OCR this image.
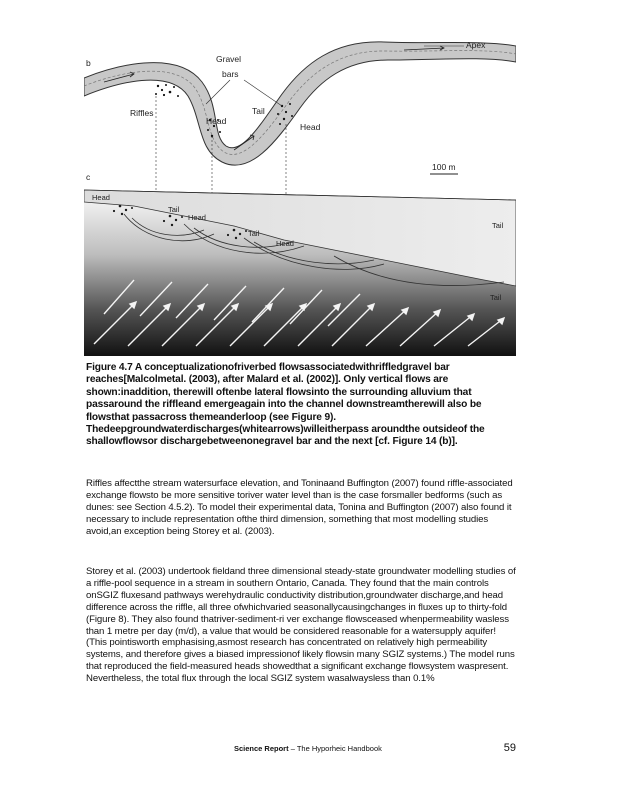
b	Gravel
bars
Apex
Riffles
Head
Tail
Head
100 m
c
Head
Tail
Head
Tail
Head
Tail
Tail
Figure 4.7 A conceptualizationofriverbed flowsassociatedwithriffledgravel bar reaches[Malcolmetal. (2003), after Malard et al. (2002)]. Only vertical flows are shown:inaddition, therewill oftenbe lateral flowsinto the surrounding alluvium that passaround the riffleand emergeagain into the channel downstreamtherewill also be flowsthat passacross themeanderloop (see Figure 9). Thedeepgroundwaterdischarges(whitearrows)willeitherpass aroundthe outsideof the shallowflowsor dischargebetweenonegravel bar and the next [cf. Figure 14 (b)].
Riffles affectthe stream watersurface elevation, and Toninaand Buffington (2007) found riffle-associated exchange flowsto be more sensitive toriver water level than is the case forsmaller bedforms (such as dunes: see Section 4.5.2). To model their experimental data, Tonina and Buffington (2007) also found it necessary to include representation ofthe third dimension, something that most modelling studies avoid,an exception being Storey et al. (2003).
Storey et al. (2003) undertook fieldand three dimensional steady-state groundwater modelling studies of a riffle-pool sequence in a stream in southern Ontario, Canada. They found that the main controls onSGIZ fluxesand pathways werehydraulic conductivity distribution,groundwater discharge,and head difference across the riffle, all three ofwhichvaried seasonallycausingchanges in fluxes up to thirty-fold (Figure 8). They also found thatriver-sediment-ri ver exchange flowsceased whenpermeability wasless than 1 metre per day (m/d), a value that would be considered reasonable for a watersupply aquifer! (This pointisworth emphasising,asmost research has concentrated on relatively high permeability systems, and therefore gives a biased impressionof likely flowsin many SGIZ systems.) The model runs that reproduced the field-measured heads showedthat a significant exchange flowsystem waspresent. Nevertheless, the total flux through the local SGIZ system wasalwaysless than 0.1%
Science Report – The Hyporheic Handbook	59
